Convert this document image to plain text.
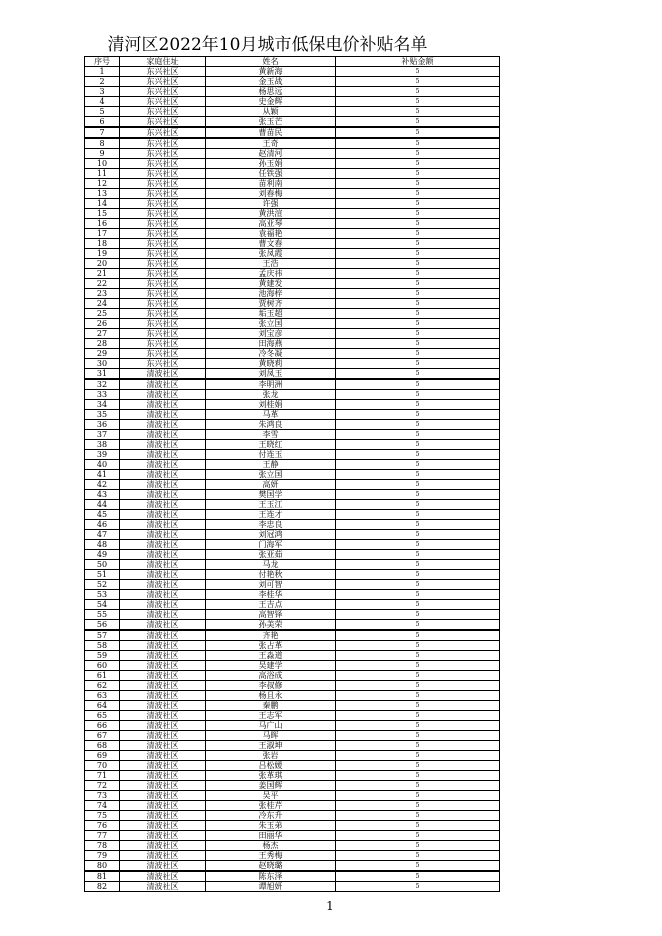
清河区2022年10月城市低保电价补贴名单
序号	家庭住址	姓名	补贴金额
1	东兴社区	黄新海	5
2	东兴社区	金玉战	5
3	东兴社区	杨思远	5
4	东兴社区	史金辉	5
5	东兴社区	从颖	5
6	东兴社区	张玉芒	5
7	东兴社区	曹苗民	5
8	东兴社区	王奇	5
9	东兴社区	赵清河	5
10	东兴社区	孙玉娟	5
11	东兴社区	任铁强	5
12	东兴社区	苗利南	5
13	东兴社区	刘春梅	5
14	东兴社区	许强	5
15	东兴社区	黄洪渲	5
16	东兴社区	高亚琴	5
17	东兴社区	袁福艳	5
18	东兴社区	曹文春	5
19	东兴社区	张凤霞	5
20	东兴社区	王浩	5
21	东兴社区	孟庆祎	5
22	东兴社区	黄建发	5
23	东兴社区	池海梓	5
24	东兴社区	贾树齐	5
25	东兴社区	垢玉超	5
26	东兴社区	张立国	5
27	东兴社区	刘宝彦	5
28	东兴社区	田海燕	5
29	东兴社区	冷冬凝	5
30	东兴社区	黄晓莉	5
31	清波社区	刘凤玉	5
32	清波社区	李明洲	5
33	清波社区	张龙	5
34	清波社区	刘桂娟	5
35	清波社区	马革	5
36	清波社区	朱鸿良	5
37	清波社区	李雪	5
38	清波社区	王晓红	5
39	清波社区	付连玉	5
40	清波社区	王静	5
41	清波社区	张立国	5
42	清波社区	高妍	5
43	清波社区	樊国学	5
44	清波社区	王玉江	5
45	清波社区	王连才	5
46	清波社区	李忠良	5
47	清波社区	刘冠鸿	5
48	清波社区	门海军	5
49	清波社区	张亚茹	5
50	清波社区	马龙	5
51	清波社区	付艳秋	5
52	清波社区	刘可智	5
53	清波社区	李桂华	5
54	清波社区	王吉点	5
55	清波社区	高智铎	5
56	清波社区	孙美荣	5
57	清波社区	齐艳	5
58	清波社区	张占革	5
59	清波社区	王淼道	5
60	清波社区	吴建学	5
61	清波社区	高浴成	5
62	清波社区	李叔修	5
63	清波社区	杨且永	5
64	清波社区	秦鹏	5
65	清波社区	王志军	5
66	清波社区	马广山	5
67	清波社区	马晖	5
68	清波社区	王淑坤	5
69	清波社区	张岩	5
70	清波社区	吕松媛	5
71	清波社区	张革琪	5
72	清波社区	姜国辉	5
73	清波社区	吴平	5
74	清波社区	张桂芹	5
75	清波社区	冷东升	5
76	清波社区	朱玉弟	5
77	清波社区	田丽华	5
78	清波社区	杨杰	5
79	清波社区	王秀梅	5
80	清波社区	赵晓璐	5
81	清波社区	陈东泽	5
82	清波社区	谭旭妍	5
1
